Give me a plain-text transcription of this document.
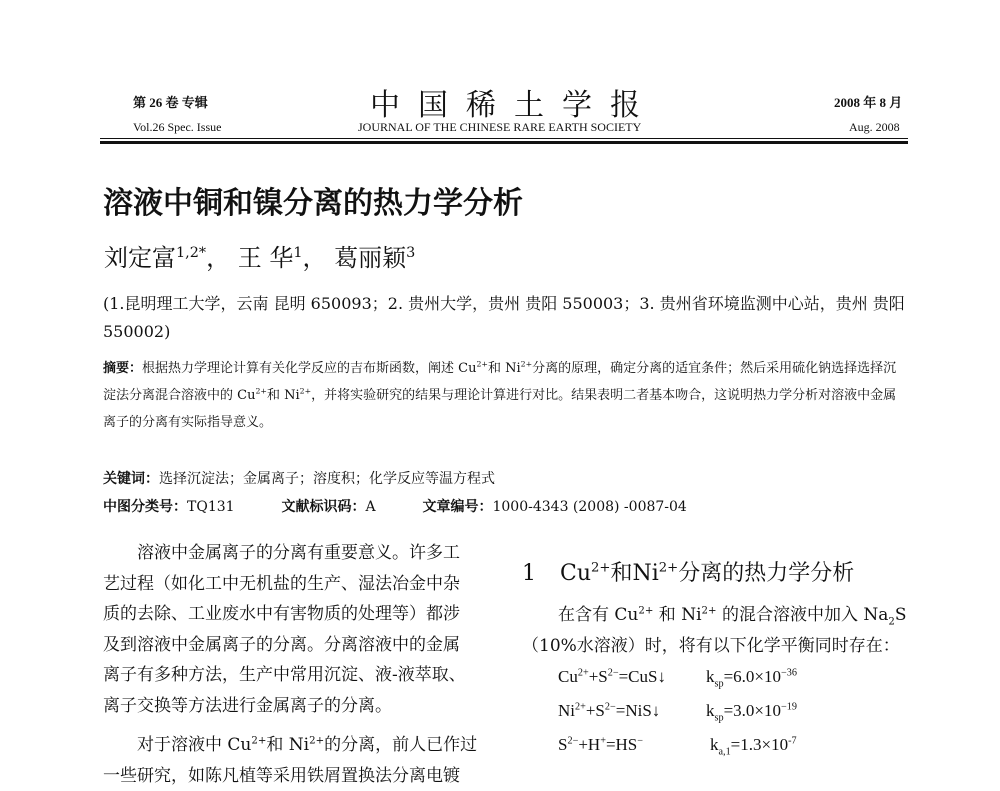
第 26 卷 专辑	中国稀土学报	2008 年 8 月
Vol.26 Spec. Issue	JOURNAL OF THE CHINESE RARE EARTH SOCIETY	Aug. 2008
溶液中铜和镍分离的热力学分析
刘定富$^{1,2*}$， 王 华$^1$， 葛丽颖$^3$
(1.昆明理工大学，云南 昆明 650093；2. 贵州大学，贵州 贵阳 550003；3. 贵州省环境监测中心站，贵州 贵阳 550002)
摘要：根据热力学理论计算有关化学反应的吉布斯函数，阐述 $Cu^{2+}$和 $Ni^{2+}$分离的原理，确定分离的适宜条件；然后采用硫化钠选择选择沉淀法分离混合溶液中的 $Cu^{2+}$和 $Ni^{2+}$，并将实验研究的结果与理论计算进行对比。结果表明二者基本吻合，这说明热力学分析对溶液中金属离子的分离有实际指导意义。
关键词：选择沉淀法；金属离子；溶度积；化学反应等温方程式
中图分类号：TQ131	文献标识码：A	文章编号：1000-4343 (2008) -0087-04
　　溶液中金属离子的分离有重要意义。许多工
艺过程（如化工中无机盐的生产、湿法冶金中杂
质的去除、工业废水中有害物质的处理等）都涉
及到溶液中金属离子的分离。分离溶液中的金属
离子有多种方法，生产中常用沉淀、液-液萃取、
离子交换等方法进行金属离子的分离。
　　对于溶液中 $Cu^{2+}$和 $Ni^{2+}$的分离，前人已作过
一些研究，如陈凡植等采用铁屑置换法分离电镀
1 $Cu^{2+}$和$Ni^{2+}$分离的热力学分析
在含有 $Cu^{2+}$ 和 $Ni^{2+}$ 的混合溶液中加入 $Na_2S$
（10%水溶液）时，将有以下化学平衡同时存在：
$Cu^{2+}+S^{2-}=CuS↓$ $k_{sp}=6.0\times 10^{-36}$
$Ni^{2+}+S^{2-}=NiS↓$	$k_{sp}=3.0\times 10^{-19}$
$S^{2-}+H^+=HS^-$	$k_{a,1}=1.3\times 10^{-7}$
